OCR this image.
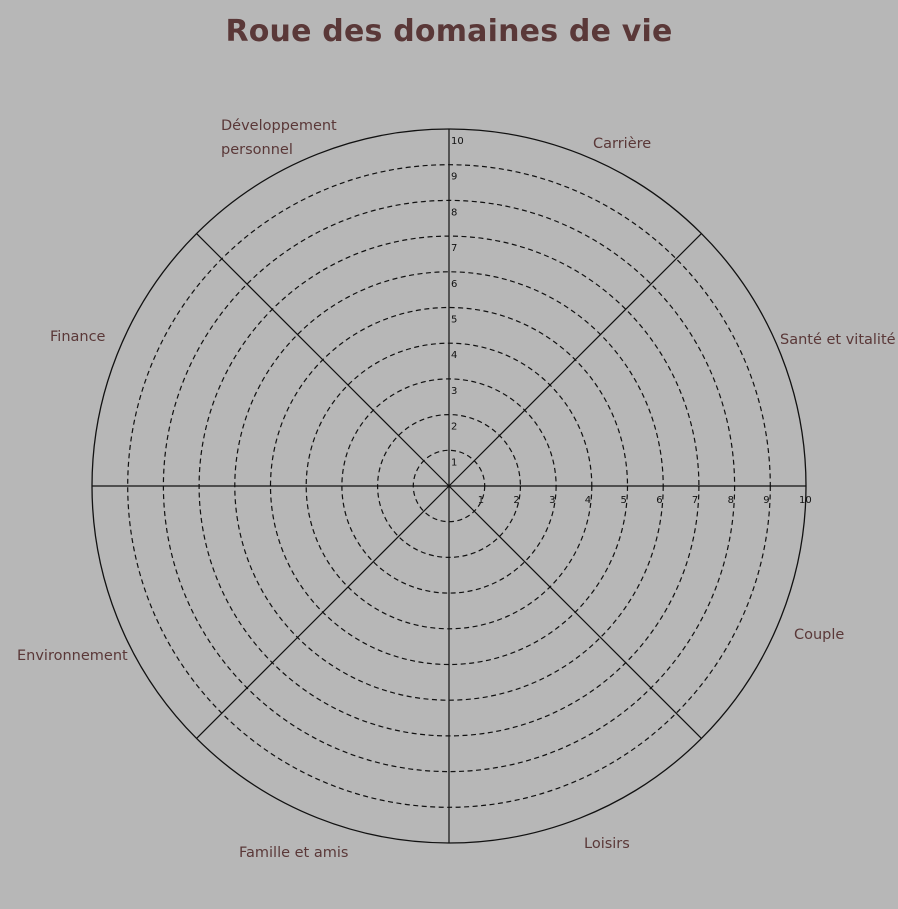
Roue des domaines de vie
1
1
2
2
3
3
4
4
5
5
6
6
7
7
8
8
9
9
10
10
Carrière
Santé et vitalité
Couple
Loisirs
Famille et amis
Environnement
Finance
Développement personnel
